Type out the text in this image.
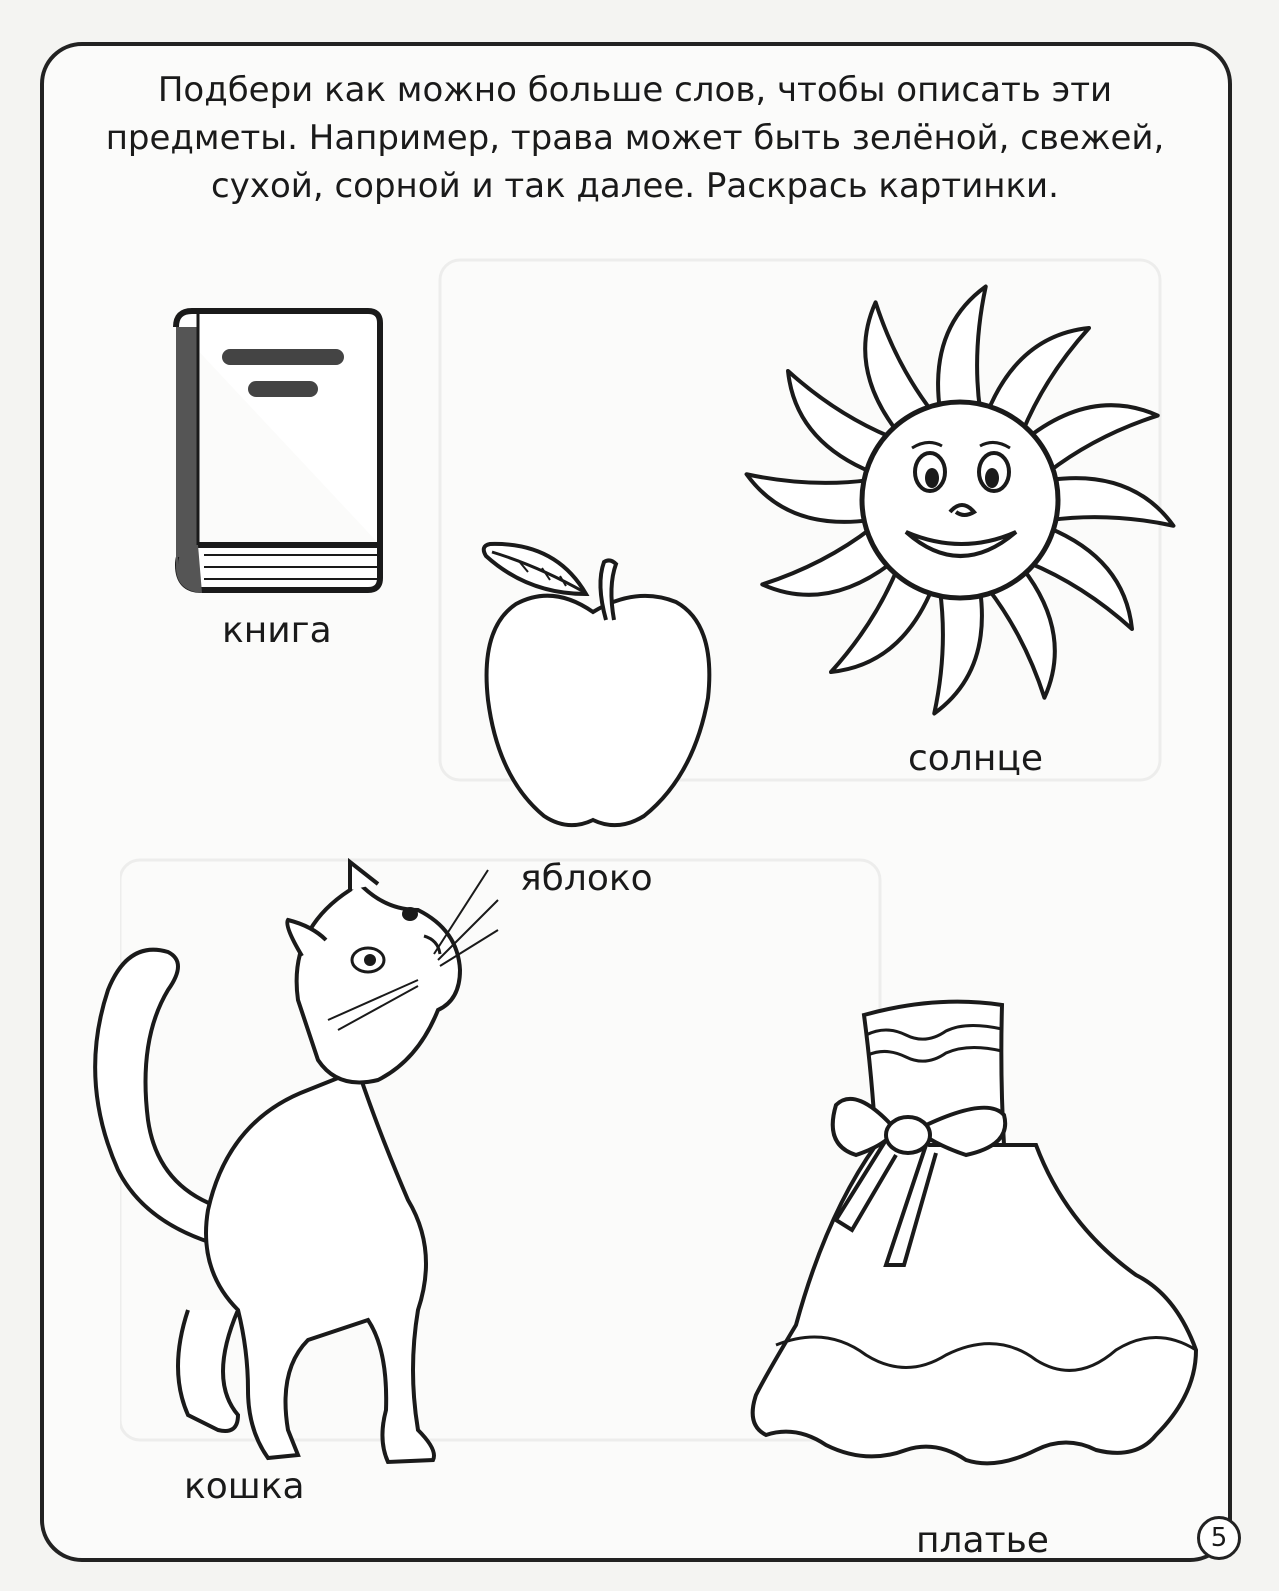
Подбери как можно больше слов, чтобы описать эти
предметы. Например, трава может быть зелёной, свежей,
сухой, сорной и так далее. Раскрась картинки.

книга
яблоко
солнце
кошка
платье	5
